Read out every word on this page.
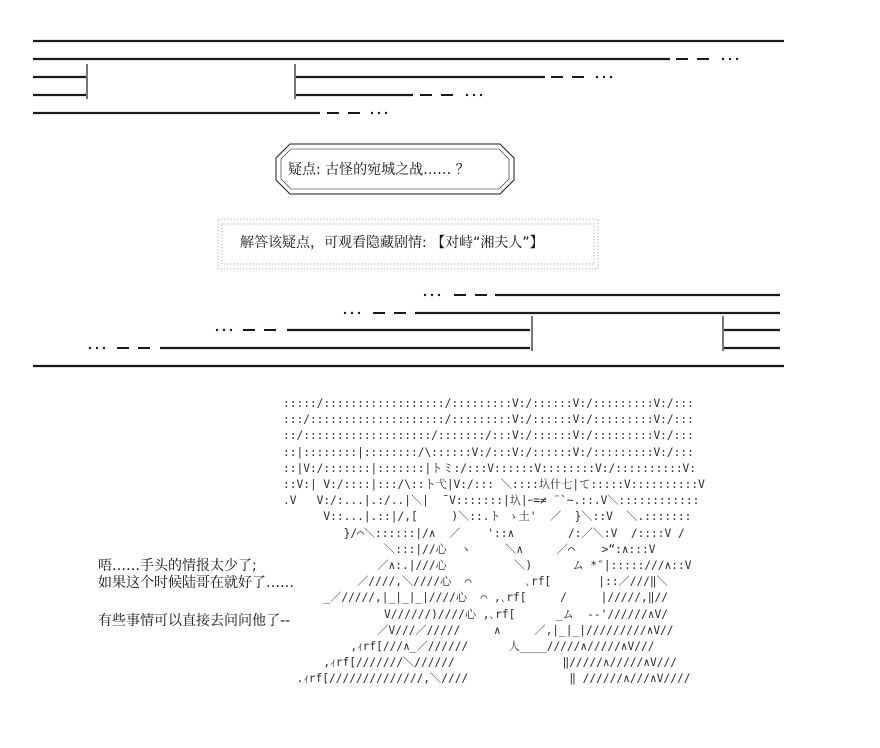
疑点: 古怪的宛城之战…… ？
解答该疑点，可观看隐藏剧情: 【对峙“湘夫人”】
唔……手头的情报太少了;
如果这个时候陆哥在就好了……
有些事情可以直接去问问他了--
:::::/::::::::::::::::::/:::::::::V:/::::::V:/:::::::::V:/:::
:::/::::::::::::::::::::/:::::::::V:/::::::V:/:::::::::V:/:::
::/:::::::::::::::::::/:::::::/:::V:/::::::V:/:::::::::V:/:::
::|::::::::|::::::::/\::::::V:/:::V:/::::::V:/:::::::::V:/:::
::|V:/:::::::|:::::::|トミ:/:::V::::::V::::::::V:/::::::::::V:
::V:| V:/::::|:::/\::ト弋|V:/::: ＼::::圦什七|て:::::V::::::::::V
.V   V:/:...|.:/..|＼|  ¯V:::::::|圦|ｰ=≠ ¨`~.::.V＼::::::::::::
V::...|.::|/,[     )＼::.ト ゝ土'  ／  }＼::V  ＼.:::::::
}/⌒＼::::::|/∧  ／    '::∧        /:／＼:V  /::::V /
＼:::|//心  ヽ     ＼∧     ／⌒    >“:∧:::V
／∧:.|///心          ＼)      ム *″|:::::///∧::V
／////,＼////心  ⌒        ､rf[       |::／///‖＼
_／/////,|_|_|_|////心  ⌒ ,､rf[     /     |/////,‖//
V//////)////心 ,､rf[      _ム  --'//////∧V/
／V///／/////     ∧     ／,|_|_|/////////∧V//
,ｨrf[///∧_／//////      人____/////∧/////∧V///
,ｨrf[///////＼//////                ‖/////∧/////∧V///
.ｨrf[//////////////,＼////               ‖ //////∧///∧V////
